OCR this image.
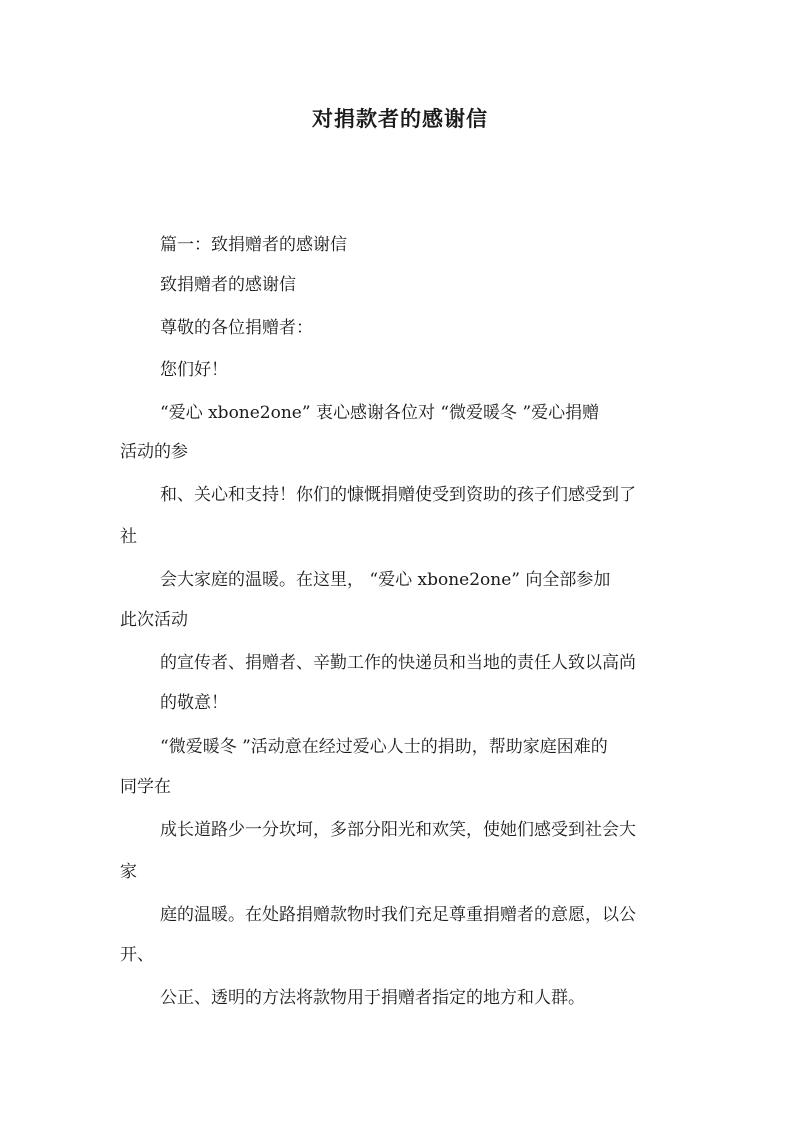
对捐款者的感谢信
篇一：致捐赠者的感谢信
致捐赠者的感谢信
尊敬的各位捐赠者：
您们好！
“爱心 xbone2one” 衷心感谢各位对 “微爱暖冬 ”爱心捐赠
活动的参
和、关心和支持！你们的慷慨捐赠使受到资助的孩子们感受到了
社
会大家庭的温暖。在这里， “爱心 xbone2one” 向全部参加
此次活动
的宣传者、捐赠者、辛勤工作的快递员和当地的责任人致以高尚
的敬意！
“微爱暖冬 ”活动意在经过爱心人士的捐助，帮助家庭困难的
同学在
成长道路少一分坎坷，多部分阳光和欢笑，使她们感受到社会大
家
庭的温暖。在处路捐赠款物时我们充足尊重捐赠者的意愿，以公
开、
公正、透明的方法将款物用于捐赠者指定的地方和人群。
